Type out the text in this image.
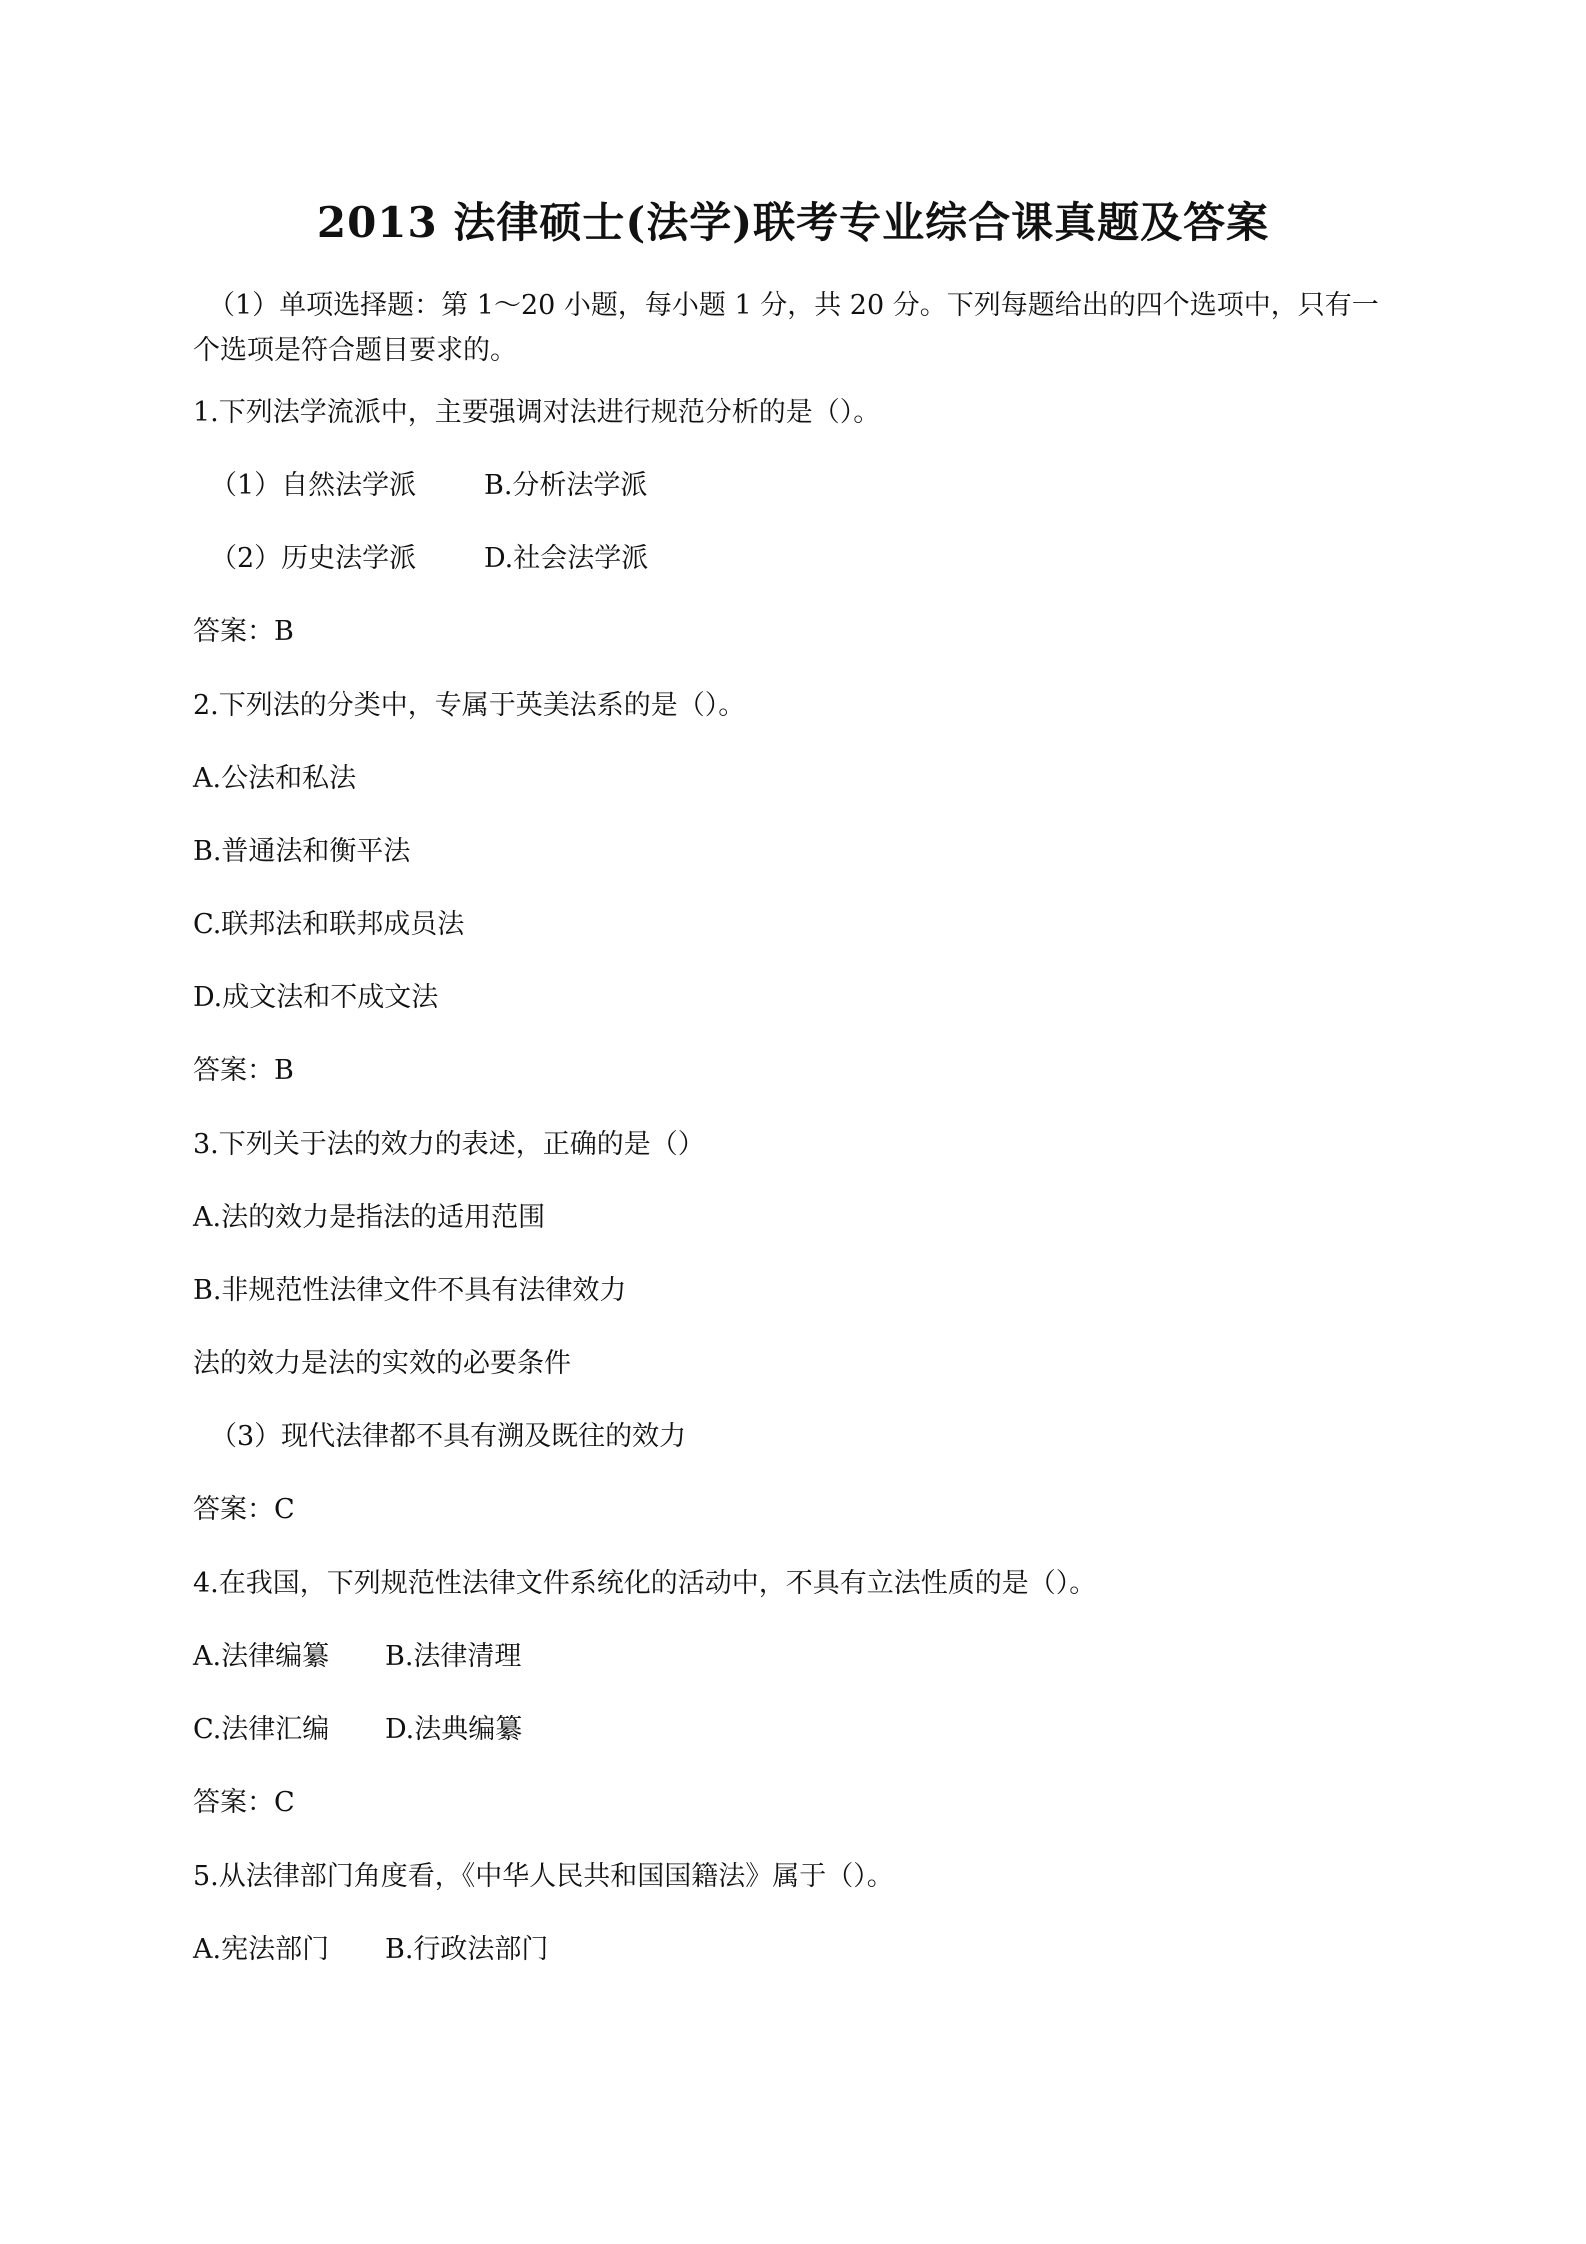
2013 法律硕士(法学)联考专业综合课真题及答案
（1）单项选择题：第 1～20 小题，每小题 1 分，共 20 分。下列每题给出的四个选项中，只有一个选项是符合题目要求的。
1.下列法学流派中，主要强调对法进行规范分析的是（）。
（1）自然法学派	B.分析法学派
（2）历史法学派	D.社会法学派
答案：B
2.下列法的分类中，专属于英美法系的是（）。
A.公法和私法
B.普通法和衡平法
C.联邦法和联邦成员法
D.成文法和不成文法
答案：B
3.下列关于法的效力的表述，正确的是（）
A.法的效力是指法的适用范围
B.非规范性法律文件不具有法律效力
法的效力是法的实效的必要条件
（3）现代法律都不具有溯及既往的效力
答案：C
4.在我国，下列规范性法律文件系统化的活动中，不具有立法性质的是（）。
A.法律编纂 B.法律清理
C.法律汇编 D.法典编纂
答案：C
5.从法律部门角度看，《中华人民共和国国籍法》属于（）。
A.宪法部门 B.行政法部门
